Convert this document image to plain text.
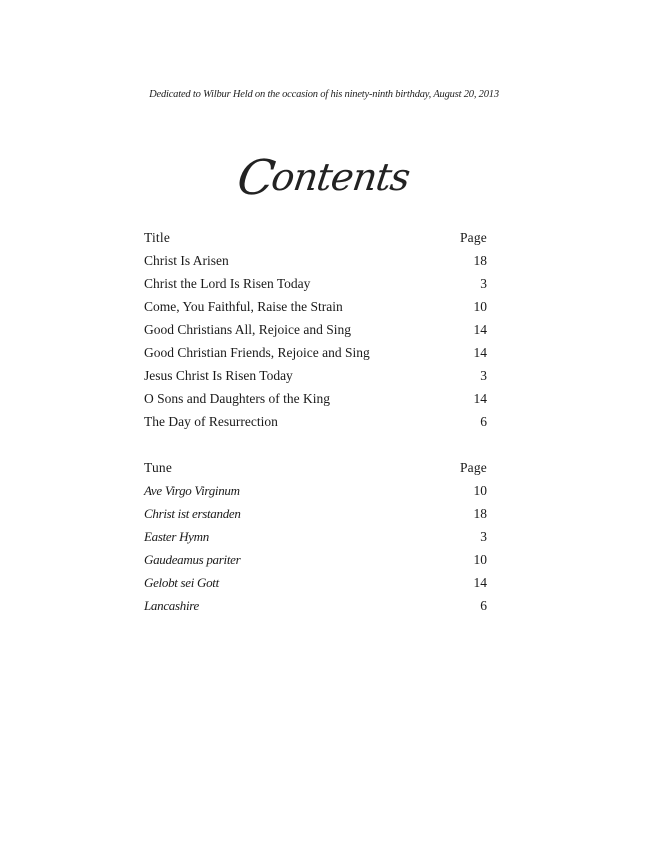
Dedicated to Wilbur Held on the occasion of his ninety-ninth birthday, August 20, 2013
Contents
Title	Page
Christ Is Arisen	18
Christ the Lord Is Risen Today	3
Come, You Faithful, Raise the Strain	10
Good Christians All, Rejoice and Sing	14
Good Christian Friends, Rejoice and Sing	14
Jesus Christ Is Risen Today	3
O Sons and Daughters of the King	14
The Day of Resurrection	6
Tune	Page
Ave Virgo Virginum	10
Christ ist erstanden	18
Easter Hymn	3
Gaudeamus pariter	10
Gelobt sei Gott	14
Lancashire	6
